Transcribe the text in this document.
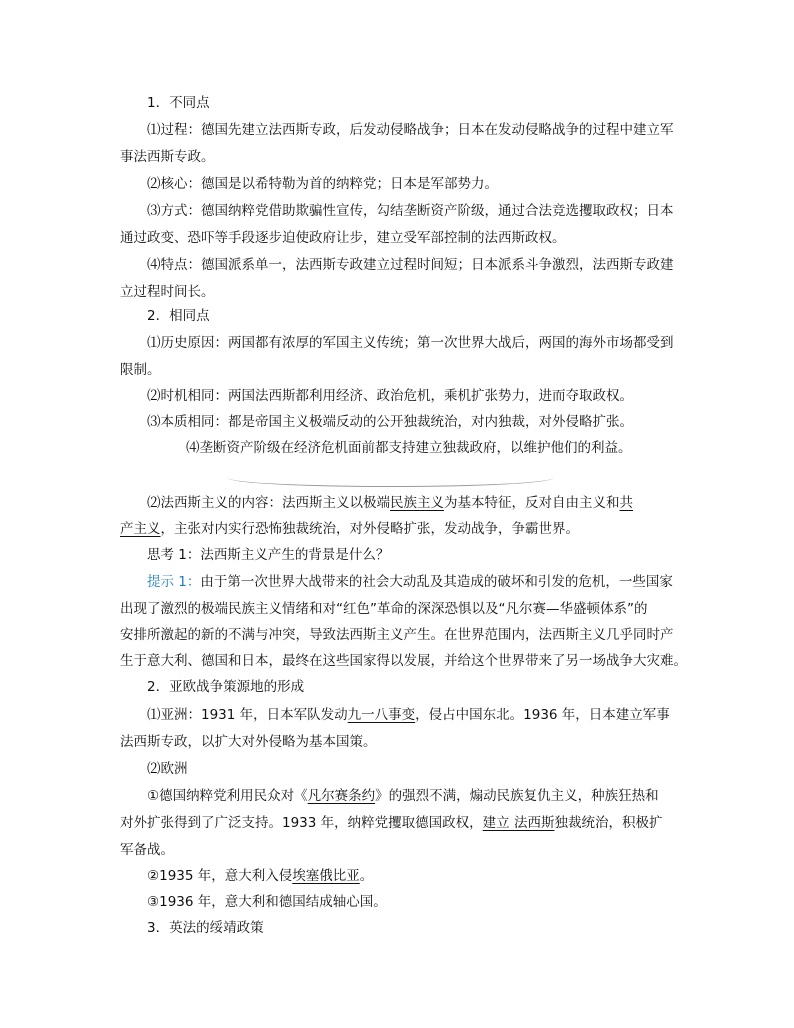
1．不同点
⑴过程：德国先建立法西斯专政，后发动侵略战争；日本在发动侵略战争的过程中建立军
事法西斯专政。
⑵核心：德国是以希特勒为首的纳粹党；日本是军部势力。
⑶方式：德国纳粹党借助欺骗性宣传，勾结垄断资产阶级，通过合法竞选攫取政权；日本
通过政变、恐吓等手段逐步迫使政府让步，建立受军部控制的法西斯政权。
⑷特点：德国派系单一，法西斯专政建立过程时间短；日本派系斗争激烈，法西斯专政建
立过程时间长。
2．相同点
⑴历史原因：两国都有浓厚的军国主义传统；第一次世界大战后，两国的海外市场都受到
限制。
⑵时机相同：两国法西斯都利用经济、政治危机，乘机扩张势力，进而夺取政权。
⑶本质相同：都是帝国主义极端反动的公开独裁统治，对内独裁，对外侵略扩张。
⑷垄断资产阶级在经济危机面前都支持建立独裁政府，以维护他们的利益。
⑵法西斯主义的内容：法西斯主义以极端民族主义为基本特征，反对自由主义和共
产主义，主张对内实行恐怖独裁统治，对外侵略扩张，发动战争，争霸世界。
思考 1：法西斯主义产生的背景是什么？
提示 1：由于第一次世界大战带来的社会大动乱及其造成的破坏和引发的危机，一些国家
出现了激烈的极端民族主义情绪和对“红色”革命的深深恐惧以及“凡尔赛—华盛顿体系”的
安排所激起的新的不满与冲突，导致法西斯主义产生。在世界范围内，法西斯主义几乎同时产
生于意大利、德国和日本，最终在这些国家得以发展，并给这个世界带来了另一场战争大灾难。
2．亚欧战争策源地的形成
⑴亚洲：1931 年，日本军队发动九一八事变，侵占中国东北。1936 年，日本建立军事
法西斯专政，以扩大对外侵略为基本国策。
⑵欧洲
①德国纳粹党利用民众对《凡尔赛条约》的强烈不满，煽动民族复仇主义，种族狂热和
对外扩张得到了广泛支持。1933 年，纳粹党攫取德国政权，建立 法西斯独裁统治，积极扩
军备战。
②1935 年，意大利入侵埃塞俄比亚。
③1936 年，意大利和德国结成轴心国。
3．英法的绥靖政策
